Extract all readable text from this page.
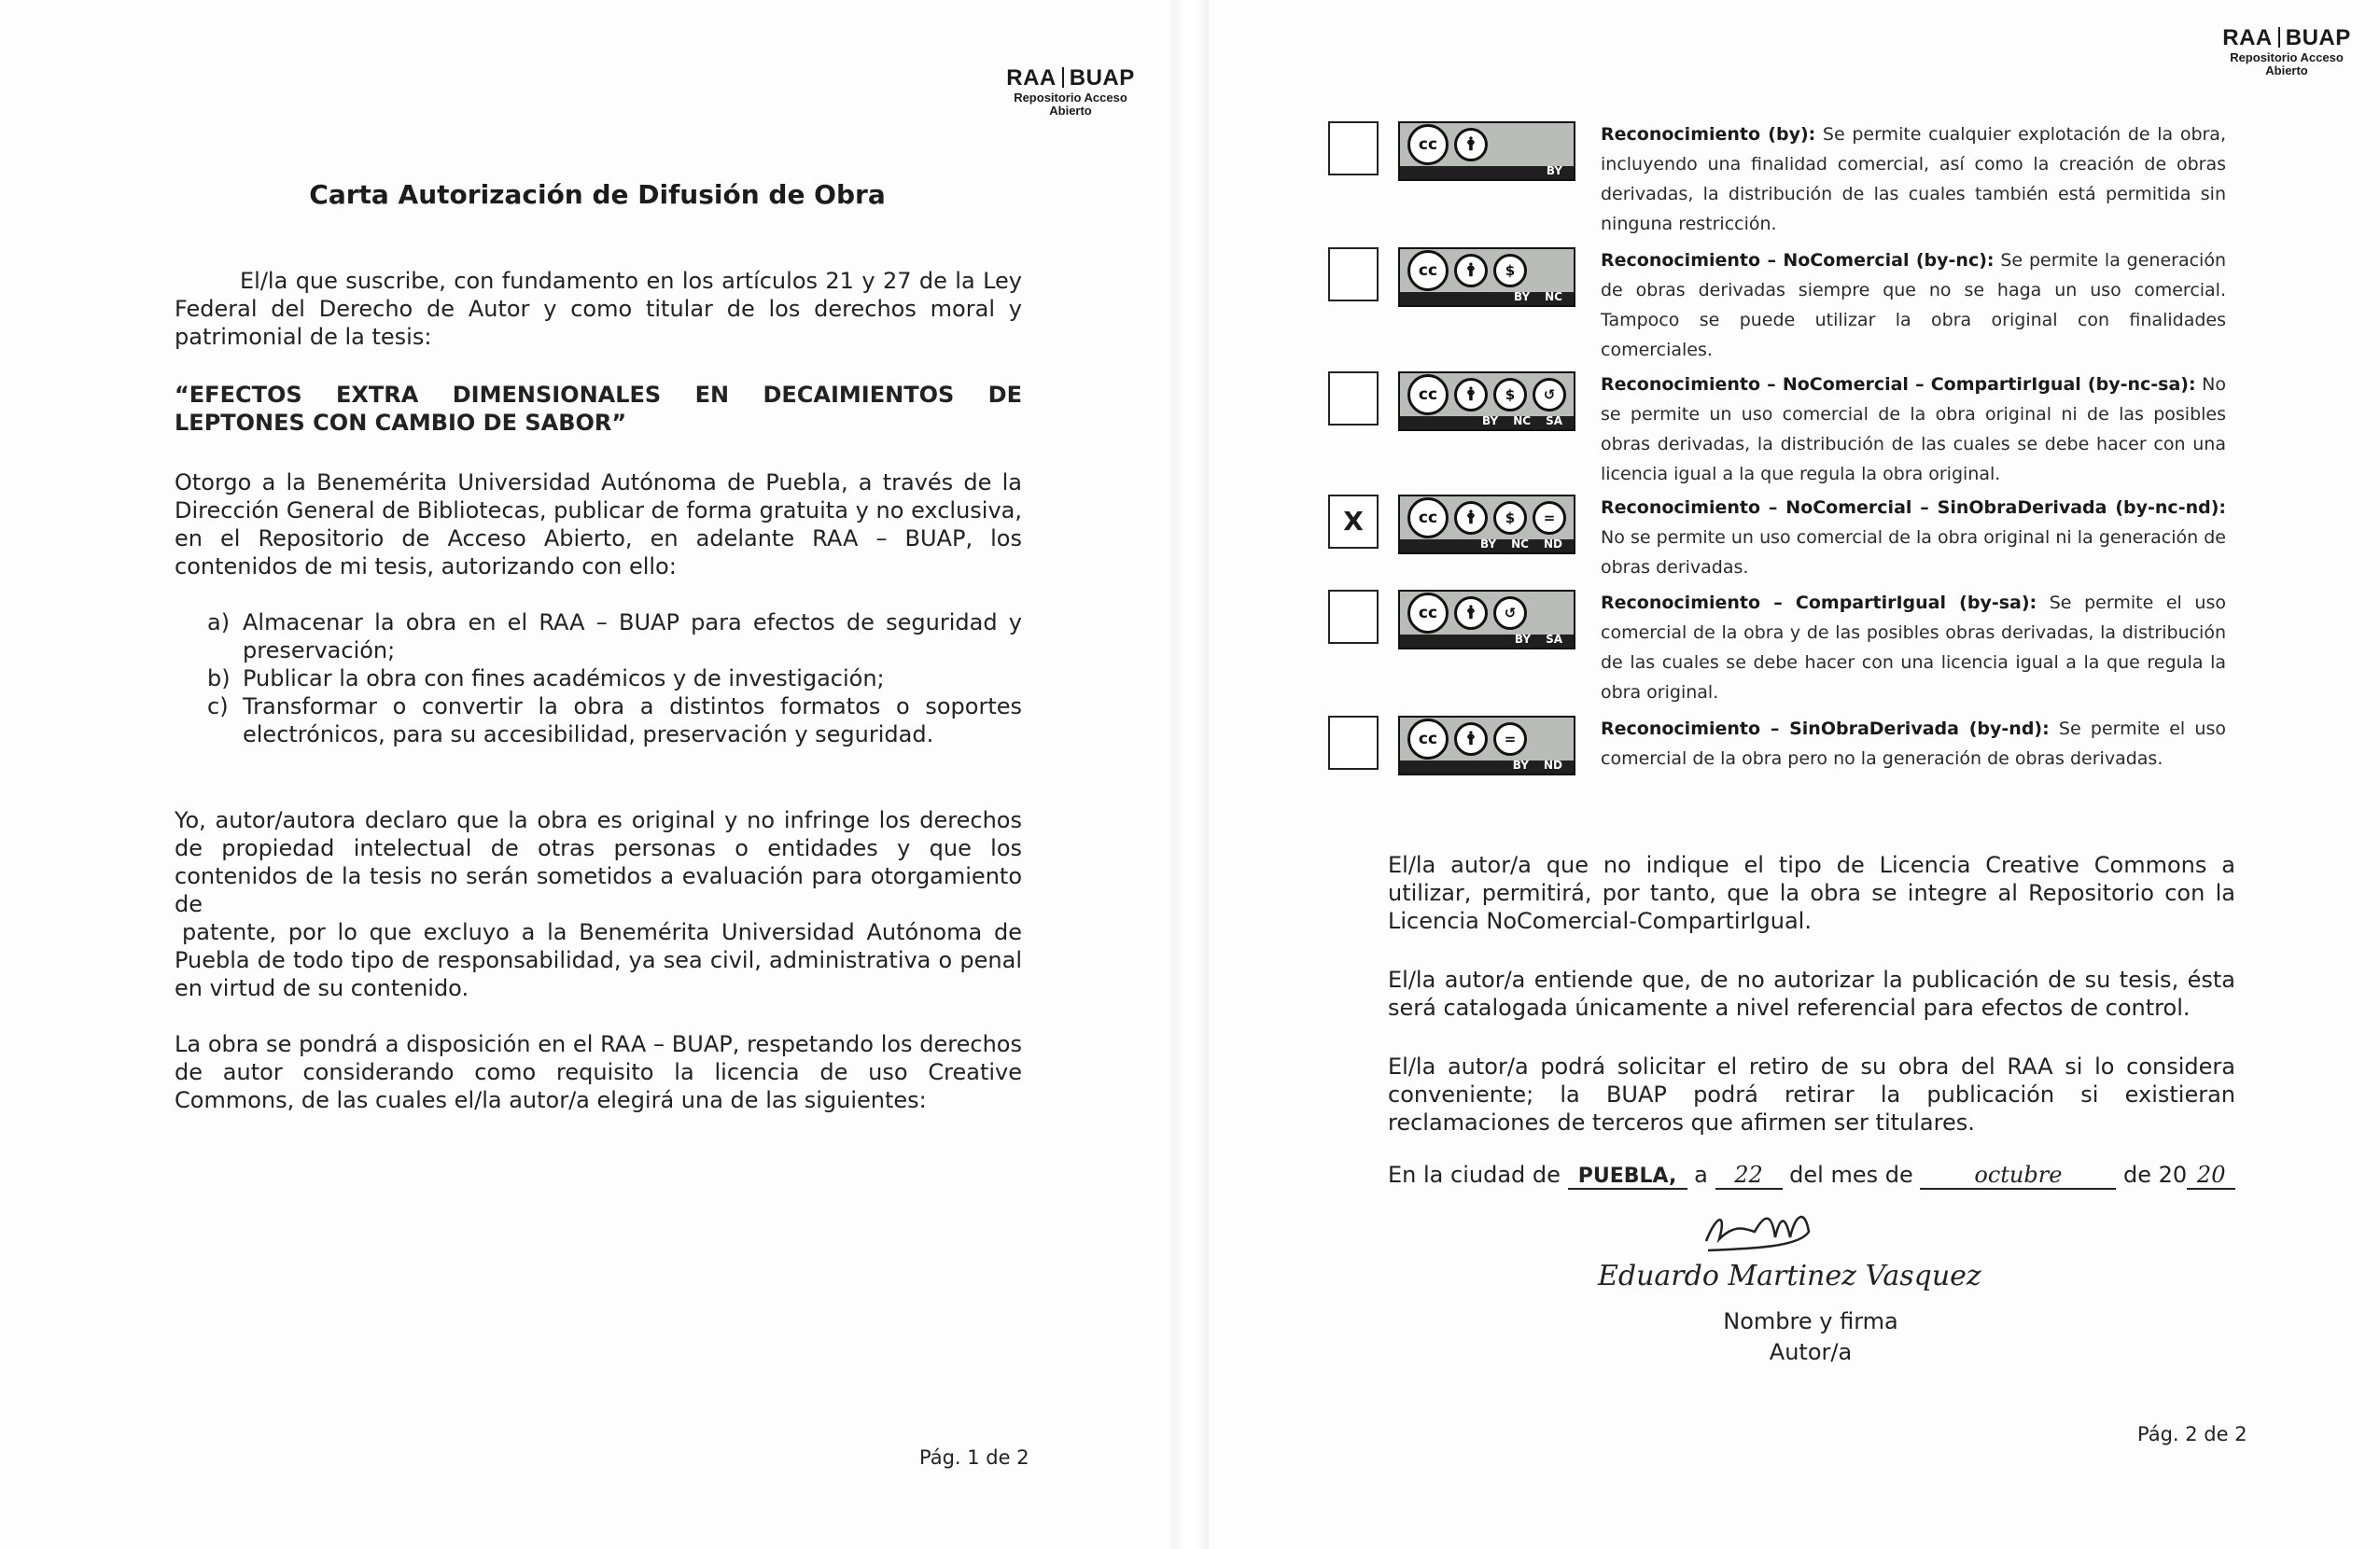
RAA BUAP
Repositorio Acceso
Abierto
Carta Autorización de Difusión de Obra
El/la que suscribe, con fundamento en los artículos 21 y 27 de la Ley Federal del Derecho de Autor y como titular de los derechos moral y patrimonial de la tesis:
“EFECTOS EXTRA DIMENSIONALES EN DECAIMIENTOS DE LEPTONES CON CAMBIO DE SABOR”
Otorgo a la Benemérita Universidad Autónoma de Puebla, a través de la Dirección General de Bibliotecas, publicar de forma gratuita y no exclusiva, en el Repositorio de Acceso Abierto, en adelante RAA – BUAP, los contenidos de mi tesis, autorizando con ello:
a) Almacenar la obra en el RAA – BUAP para efectos de seguridad y preservación;
b) Publicar la obra con fines académicos y de investigación;
c) Transformar o convertir la obra a distintos formatos o soportes electrónicos, para su accesibilidad, preservación y seguridad.
Yo, autor/autora declaro que la obra es original y no infringe los derechos de propiedad intelectual de otras personas o entidades y que los contenidos de la tesis no serán sometidos a evaluación para otorgamiento de
patente, por lo que excluyo a la Benemérita Universidad Autónoma de Puebla de todo tipo de responsabilidad, ya sea civil, administrativa o penal en virtud de su contenido.
La obra se pondrá a disposición en el RAA – BUAP, respetando los derechos de autor considerando como requisito la licencia de uso Creative Commons, de las cuales el/la autor/a elegirá una de las siguientes:
Pág. 1 de 2
RAA BUAP
Repositorio Acceso
Abierto
cc	🛉
BY
Reconocimiento (by): Se permite cualquier explotación de la obra, incluyendo una finalidad comercial, así como la creación de obras derivadas, la distribución de las cuales también está permitida sin ninguna restricción.
cc	🛉	$
BY NC
Reconocimiento – NoComercial (by-nc): Se permite la generación de obras derivadas siempre que no se haga un uso comercial. Tampoco se puede utilizar la obra original con finalidades comerciales.
cc	🛉	$	↺
BY NC SA
Reconocimiento – NoComercial – CompartirIgual (by-nc-sa): No se permite un uso comercial de la obra original ni de las posibles obras derivadas, la distribución de las cuales se debe hacer con una licencia igual a la que regula la obra original.
X	cc	🛉	$	=
BY NC ND
Reconocimiento – NoComercial – SinObraDerivada (by-nc-nd): No se permite un uso comercial de la obra original ni la generación de obras derivadas.
cc	🛉	↺
BY SA
Reconocimiento – CompartirIgual (by-sa): Se permite el uso comercial de la obra y de las posibles obras derivadas, la distribución de las cuales se debe hacer con una licencia igual a la que regula la obra original.
cc	🛉	=
BY ND
Reconocimiento – SinObraDerivada (by-nd): Se permite el uso comercial de la obra pero no la generación de obras derivadas.
El/la autor/a que no indique el tipo de Licencia Creative Commons a utilizar, permitirá, por tanto, que la obra se integre al Repositorio con la Licencia NoComercial-CompartirIgual.
El/la autor/a entiende que, de no autorizar la publicación de su tesis, ésta será catalogada únicamente a nivel referencial para efectos de control.
El/la autor/a podrá solicitar el retiro de su obra del RAA si lo considera conveniente; la BUAP podrá retirar la publicación si existieran reclamaciones de terceros que afirmen ser titulares.
En la ciudad de PUEBLA, a 22 del mes de	octubre	de 20 20
Eduardo Martinez Vasquez
Nombre y firma
Autor/a
Pág. 2 de 2
